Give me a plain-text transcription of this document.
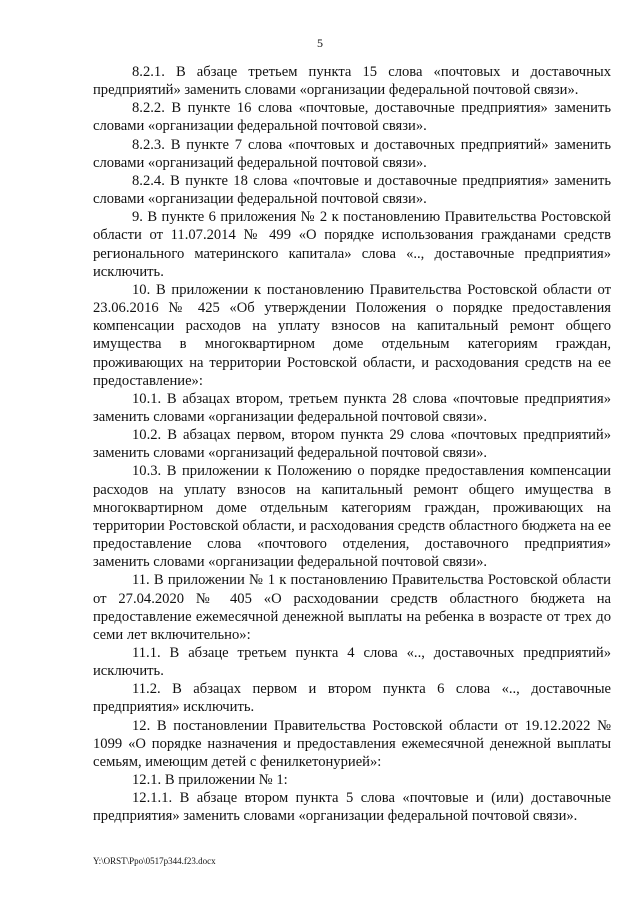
5

8.2.1. В абзаце третьем пункта 15 слова «почтовых и доставочных предприятий» заменить словами «организации федеральной почтовой связи».

8.2.2. В пункте 16 слова «почтовые, доставочные предприятия» заменить словами «организации федеральной почтовой связи».

8.2.3. В пункте 7 слова «почтовых и доставочных предприятий» заменить словами «организаций федеральной почтовой связи».

8.2.4. В пункте 18 слова «почтовые и доставочные предприятия» заменить словами «организации федеральной почтовой связи».

9. В пункте 6 приложения № 2 к постановлению Правительства Ростовской области от 11.07.2014 № 499 «О порядке использования гражданами средств регионального материнского капитала» слова «.., доставочные предприятия» исключить.

10. В приложении к постановлению Правительства Ростовской области от 23.06.2016 № 425 «Об утверждении Положения о порядке предоставления компенсации расходов на уплату взносов на капитальный ремонт общего имущества в многоквартирном доме отдельным категориям граждан, проживающих на территории Ростовской области, и расходования средств на ее предоставление»:

10.1. В абзацах втором, третьем пункта 28 слова «почтовые предприятия» заменить словами «организации федеральной почтовой связи».

10.2. В абзацах первом, втором пункта 29 слова «почтовых предприятий» заменить словами «организаций федеральной почтовой связи».

10.3. В приложении к Положению о порядке предоставления компенсации расходов на уплату взносов на капитальный ремонт общего имущества в многоквартирном доме отдельным категориям граждан, проживающих на территории Ростовской области, и расходования средств областного бюджета на ее предоставление слова «почтового отделения, доставочного предприятия» заменить словами «организации федеральной почтовой связи».

11. В приложении № 1 к постановлению Правительства Ростовской области от 27.04.2020 № 405 «О расходовании средств областного бюджета на предоставление ежемесячной денежной выплаты на ребенка в возрасте от трех до семи лет включительно»:

11.1. В абзаце третьем пункта 4 слова «.., доставочных предприятий» исключить.

11.2. В абзацах первом и втором пункта 6 слова «.., доставочные предприятия» исключить.

12. В постановлении Правительства Ростовской области от 19.12.2022 № 1099 «О порядке назначения и предоставления ежемесячной денежной выплаты семьям, имеющим детей с фенилкетонурией»:

12.1. В приложении № 1:

12.1.1. В абзаце втором пункта 5 слова «почтовые и (или) доставочные предприятия» заменить словами «организации федеральной почтовой связи».

Y:\ORST\Ppo\0517p344.f23.docx
